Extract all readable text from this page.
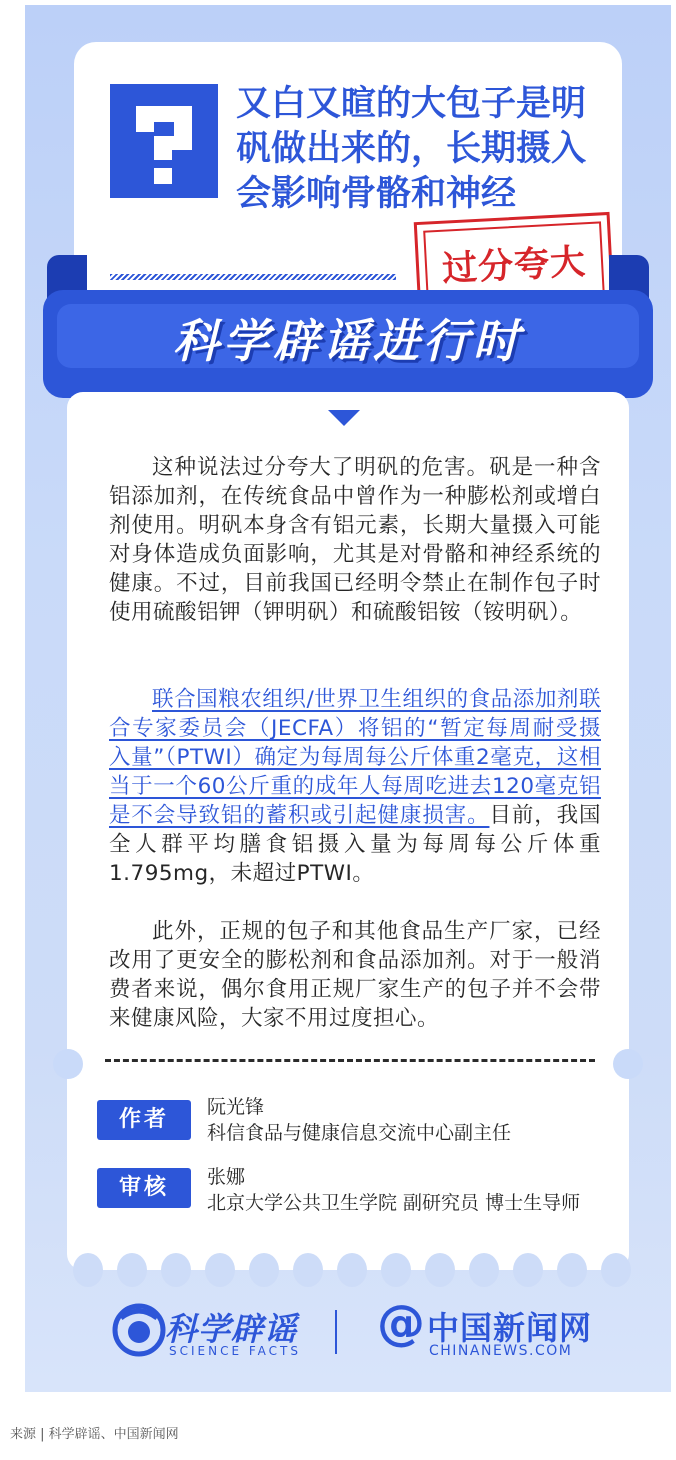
又白又暄的大包子是明矾做出来的，长期摄入会影响骨骼和神经
过分夸大
科学辟谣进行时
这种说法过分夸大了明矾的危害。矾是一种含铝添加剂，在传统食品中曾作为一种膨松剂或增白剂使用。明矾本身含有铝元素，长期大量摄入可能对身体造成负面影响，尤其是对骨骼和神经系统的健康。不过，目前我国已经明令禁止在制作包子时使用硫酸铝钾（钾明矾）和硫酸铝铵（铵明矾）。
联合国粮农组织/世界卫生组织的食品添加剂联合专家委员会（JECFA）将铝的“暂定每周耐受摄入量”（PTWI）确定为每周每公斤体重2毫克，这相当于一个60公斤重的成年人每周吃进去120毫克铝是不会导致铝的蓄积或引起健康损害。目前，我国全人群平均膳食铝摄入量为每周每公斤体重 1.795mg，未超过PTWI。
此外，正规的包子和其他食品生产厂家，已经改用了更安全的膨松剂和食品添加剂。对于一般消费者来说，偶尔食用正规厂家生产的包子并不会带来健康风险，大家不用过度担心。
作者	阮光锋
科信食品与健康信息交流中心副主任
审核	张娜
北京大学公共卫生学院 副研究员 博士生导师
科学辟谣
SCIENCE FACTS @ 中国新闻网
CHINANEWS.COM
来源 | 科学辟谣、中国新闻网
